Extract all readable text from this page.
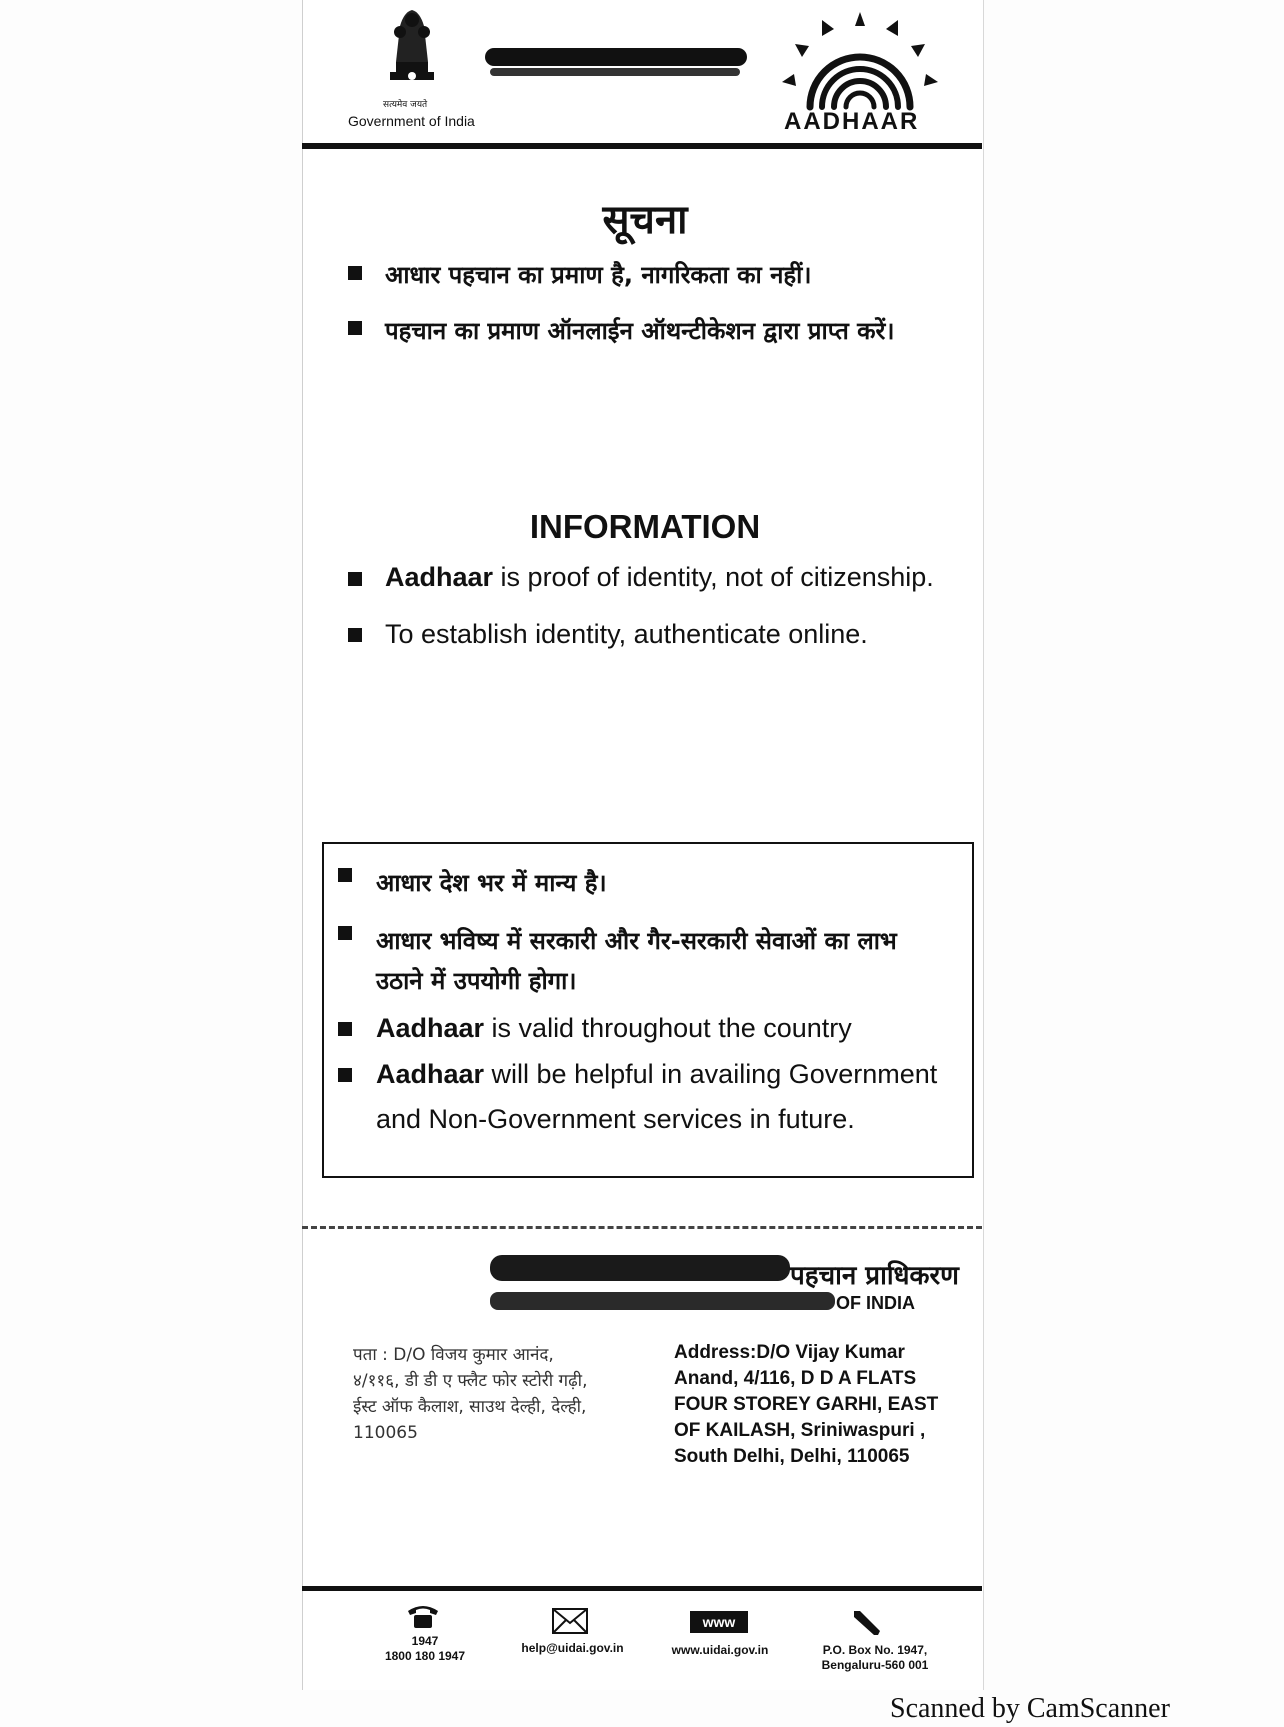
सत्यमेव जयते
Government of India	AADHAAR
सूचना
आधार पहचान का प्रमाण है, नागरिकता का नहीं।
पहचान का प्रमाण ऑनलाईन ऑथन्टीकेशन द्वारा प्राप्त करें।
INFORMATION
Aadhaar is proof of identity, not of citizenship.
To establish identity, authenticate online.
आधार देश भर में मान्य है।
आधार भविष्य में सरकारी और गैर-सरकारी सेवाओं का लाभ
उठाने में उपयोगी होगा।
Aadhaar is valid throughout the country
Aadhaar will be helpful in availing Government
and Non-Government services in future.
पहचान प्राधिकरण
OF INDIA
पता : D/O विजय कुमार आनंद,
४/११६, डी डी ए फ्लैट फोर स्टोरी गढ़ी,
ईस्ट ऑफ कैलाश, साउथ देल्ही, देल्ही,
110065
Address:D/O Vijay Kumar
Anand, 4/116, D D A FLATS
FOUR STOREY GARHI, EAST
OF KAILASH, Sriniwaspuri ,
South Delhi, Delhi, 110065
1947
1800 180 1947
help@uidai.gov.in
www
www.uidai.gov.in	P.O. Box No. 1947,
Bengaluru-560 001
Scanned by CamScanner
